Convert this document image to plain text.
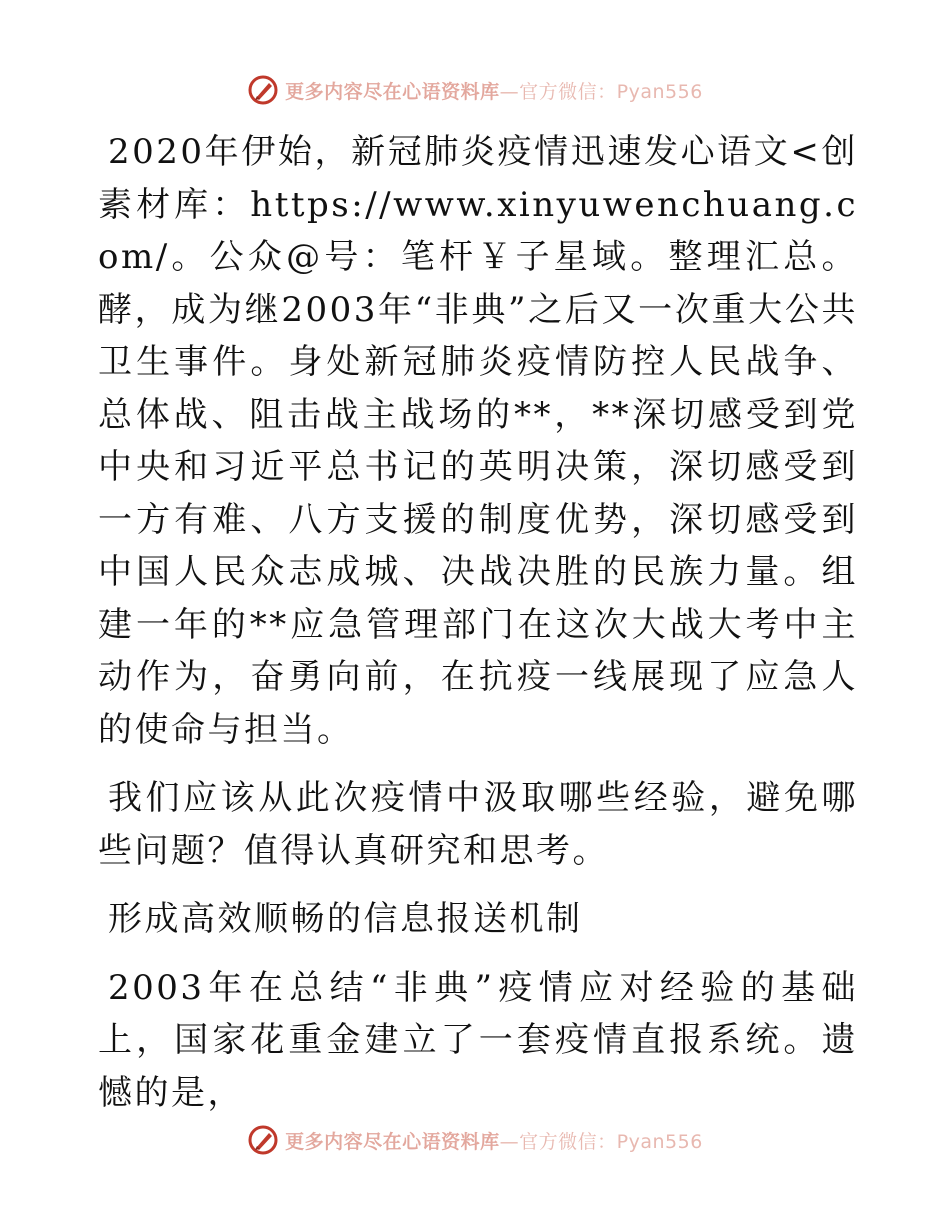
更多内容尽在心语资料库—官方微信：Pyan556

2020年伊始，新冠肺炎疫情迅速发心语文<创素材库：https://www.xinyuwenchuang.com/。公众@号：笔杆￥子星域。整理汇总。酵，成为继2003年“非典”之后又一次重大公共卫生事件。身处新冠肺炎疫情防控人民战争、总体战、阻击战主战场的**，**深切感受到党中央和习近平总书记的英明决策，深切感受到一方有难、八方支援的制度优势，深切感受到中国人民众志成城、决战决胜的民族力量。组建一年的**应急管理部门在这次大战大考中主动作为，奋勇向前，在抗疫一线展现了应急人的使命与担当。

我们应该从此次疫情中汲取哪些经验，避免哪些问题？值得认真研究和思考。

形成高效顺畅的信息报送机制

2003年在总结“非典”疫情应对经验的基础上，国家花重金建立了一套疫情直报系统。遗憾的是，

更多内容尽在心语资料库—官方微信：Pyan556
